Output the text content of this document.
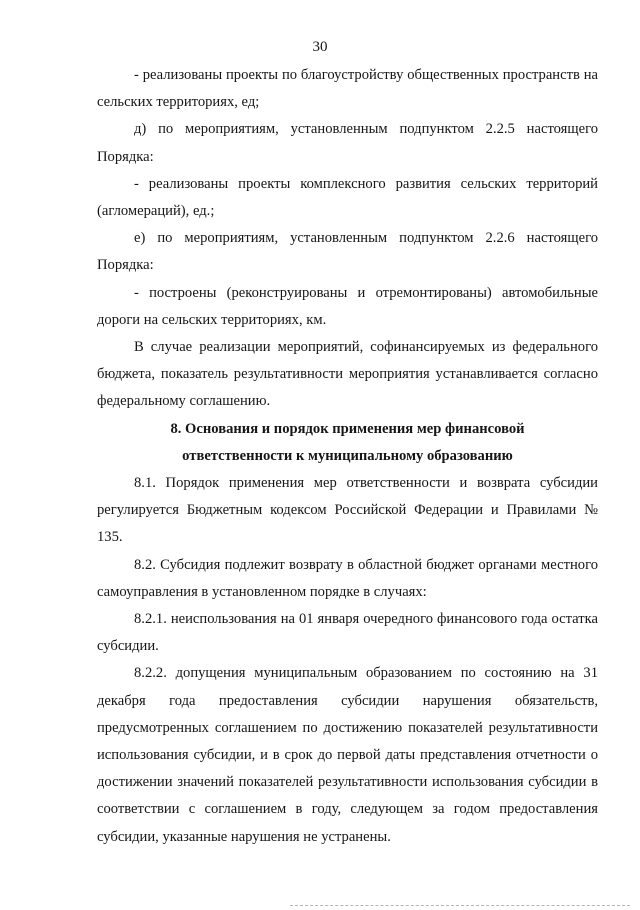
30

- реализованы проекты по благоустройству общественных пространств на сельских территориях, ед;

д) по мероприятиям, установленным подпунктом 2.2.5 настоящего Порядка:

- реализованы проекты комплексного развития сельских территорий (агломераций), ед.;

е) по мероприятиям, установленным подпунктом 2.2.6 настоящего Порядка:

- построены (реконструированы и отремонтированы) автомобильные дороги на сельских территориях, км.

В случае реализации мероприятий, софинансируемых из федерального бюджета, показатель результативности мероприятия устанавливается согласно федеральному соглашению.

8. Основания и порядок применения мер финансовой

ответственности к муниципальному образованию

8.1. Порядок применения мер ответственности и возврата субсидии регулируется Бюджетным кодексом Российской Федерации и Правилами № 135.

8.2. Субсидия подлежит возврату в областной бюджет органами местного самоуправления в установленном порядке в случаях:

8.2.1. неиспользования на 01 января очередного финансового года остатка субсидии.

8.2.2. допущения муниципальным образованием по состоянию на 31 декабря года предоставления субсидии нарушения обязательств, предусмотренных соглашением по достижению показателей результативности использования субсидии, и в срок до первой даты представления отчетности о достижении значений показателей результативности использования субсидии в соответствии с соглашением в году, следующем за годом предоставления субсидии, указанные нарушения не устранены.
